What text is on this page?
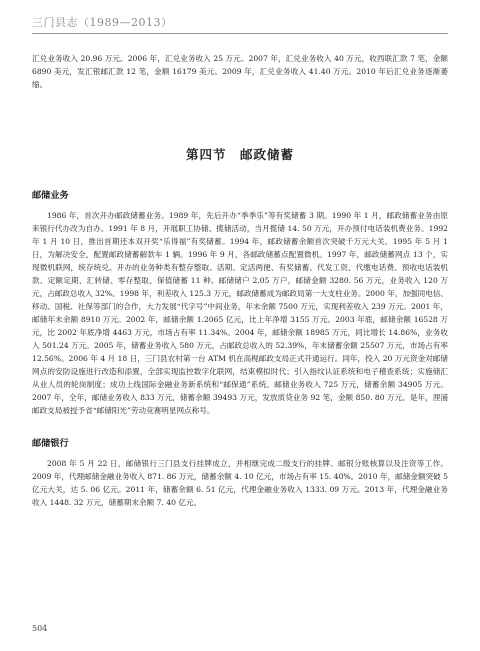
三门县志（1989—2013）

汇兑业务收入 20.96 万元。2006 年，汇兑业务收入 25 万元。2007 年，汇兑业务收入 40 万元，收西联汇款 7 笔，金额 6890 美元，发汇银邮汇款 12 笔，金额 16179 美元。2009 年，汇兑业务收入 41.40 万元。2010 年后汇兑业务逐渐萎缩。

第四节　邮政储蓄
邮储业务

1986 年，首次开办邮政储蓄业务。1989 年，先后开办“季季乐”等有奖储蓄 3 期。1990 年 1 月，邮政储蓄业务由原来银行代办改为自办。1991 年 8 月，开展职工协储、揽储活动，当月揽储 14. 50 万元，开办预付电话装机费业务。1992 年 1 月 10 日，推出首期还本双开奖“乐得福”有奖储蓄。1994 年，邮政储蓄余额首次突破千万元大关。1995 年 5 月 1 日，为解决安全，配置邮政储蓄解款车 1 辆。1996 年 9 月，各邮政储蓄点配置微机。1997 年，邮政储蓄网点 13 个，实现微机联网，统存统兑。开办的业务种类有整存整取、活期、定活两便、有奖储蓄、代发工资、代缴电话费、预收电话装机款、定额定期、汇转储、零存整取、保值储蓄 11 种。邮储储户 2.05 万户，邮储金额 3280. 56 万元，业务收入 120 万元，占邮政总收入 32%。1998 年，利差收入 125.3 万元，邮政储蓄成为邮政局第一大支柱业务。2000 年，加强同电信、移动、国税、社保等部门的合作，大力发展“代字号”中间业务，年末余额 7500 万元，实现利差收入 239 万元。2001 年，邮储年末余额 8910 万元。2002 年，邮储余额 1.2065 亿元，比上年净增 3155 万元。2003 年底，邮储余额 16528 万元，比 2002 年底净增 4463 万元，市场占有率 11.34%。2004 年，邮储余额 18985 万元，同比增长 14.86%，业务收入 501.24 万元。2005 年，储蓄业务收入 580 万元，占邮政总收入的 52.39%，年末储蓄余额 25507 万元，市场占有率 12.56%。2006 年 4 月 18 日，三门县农村第一台 ATM 机在高枧邮政支局正式开通运行。同年，投入 20 万元资金对邮储网点的安防设施进行改造和添置，全部实现监控数字化联网，结束模拟时代；引入指纹认证系统和电子稽查系统；实施储汇从业人员的轮岗制度；成功上线国际金融业务新系统和“邮保通”系统。邮储业务收入 725 万元，储蓄余额 34905 万元。2007 年，全年，邮储业务收入 833 万元，储蓄余额 39493 万元，发放质贷业务 92 笔，金额 850. 80 万元。是年，浬浦邮政支局被授予省“邮储阳光”劳动竞赛明星网点称号。

邮储银行

2008 年 5 月 22 日，邮储银行三门县支行挂牌成立，并相继完成二级支行的挂牌、邮银分账核算以及注资等工作。2009 年，代理邮储金融业务收入 871. 86 万元，储蓄余额 4. 10 亿元，市场占有率 15. 40%。2010 年，邮储金额突破 5 亿元大关，达 5. 06 亿元。2011 年，储蓄余额 6. 51 亿元，代理金融业务收入 1333. 09 万元。2013 年，代理金融业务收入 1448. 32 万元，储蓄期末余额 7. 40 亿元。

504
